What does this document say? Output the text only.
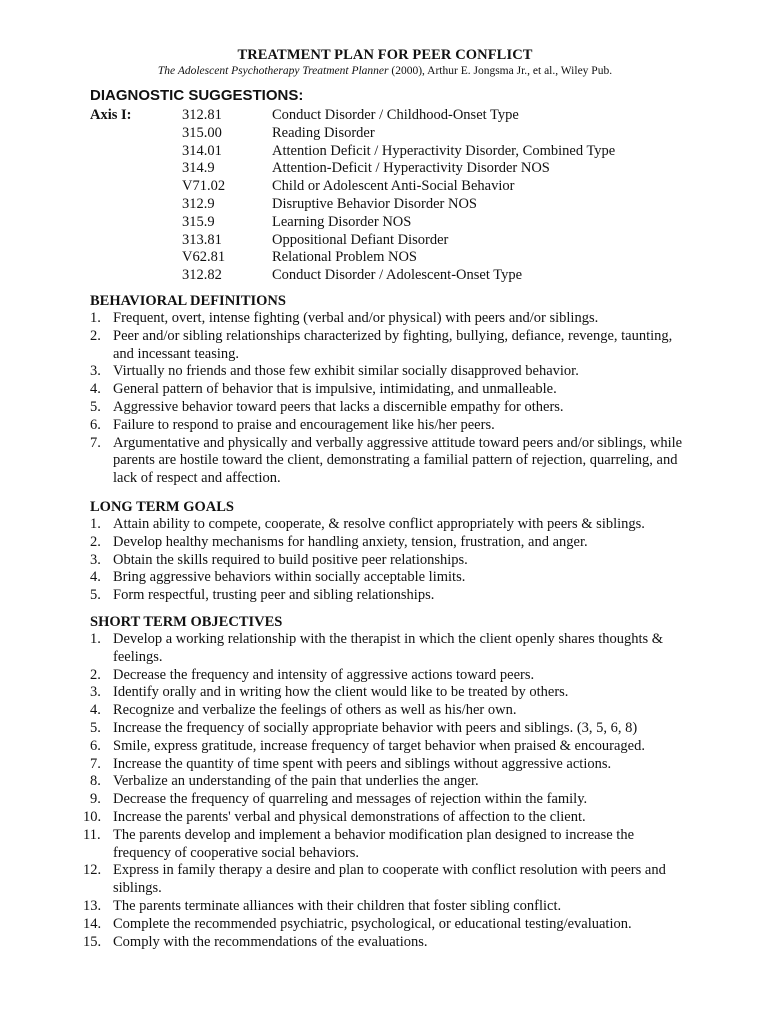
TREATMENT PLAN FOR PEER CONFLICT
The Adolescent Psychotherapy Treatment Planner (2000), Arthur E. Jongsma Jr., et al., Wiley Pub.
DIAGNOSTIC SUGGESTIONS:
Axis I:	312.81	Conduct Disorder / Childhood-Onset Type
315.00	Reading Disorder
314.01	Attention Deficit / Hyperactivity Disorder, Combined Type
314.9	Attention-Deficit / Hyperactivity Disorder NOS
V71.02	Child or Adolescent Anti-Social Behavior
312.9	Disruptive Behavior Disorder NOS
315.9	Learning Disorder NOS
313.81	Oppositional Defiant Disorder
V62.81	Relational Problem NOS
312.82	Conduct Disorder / Adolescent-Onset Type
BEHAVIORAL DEFINITIONS
1. Frequent, overt, intense fighting (verbal and/or physical) with peers and/or siblings.
2. Peer and/or sibling relationships characterized by fighting, bullying, defiance, revenge, taunting, and incessant teasing.
3. Virtually no friends and those few exhibit similar socially disapproved behavior.
4. General pattern of behavior that is impulsive, intimidating, and unmalleable.
5. Aggressive behavior toward peers that lacks a discernible empathy for others.
6. Failure to respond to praise and encouragement like his/her peers.
7. Argumentative and physically and verbally aggressive attitude toward peers and/or siblings, while parents are hostile toward the client, demonstrating a familial pattern of rejection, quarreling, and lack of respect and affection.
LONG TERM GOALS
1. Attain ability to compete, cooperate, & resolve conflict appropriately with peers & siblings.
2. Develop healthy mechanisms for handling anxiety, tension, frustration, and anger.
3. Obtain the skills required to build positive peer relationships.
4. Bring aggressive behaviors within socially acceptable limits.
5. Form respectful, trusting peer and sibling relationships.
SHORT TERM OBJECTIVES
1. Develop a working relationship with the therapist in which the client openly shares thoughts & feelings.
2. Decrease the frequency and intensity of aggressive actions toward peers.
3. Identify orally and in writing how the client would like to be treated by others.
4. Recognize and verbalize the feelings of others as well as his/her own.
5. Increase the frequency of socially appropriate behavior with peers and siblings. (3, 5, 6, 8)
6. Smile, express gratitude, increase frequency of target behavior when praised & encouraged.
7. Increase the quantity of time spent with peers and siblings without aggressive actions.
8. Verbalize an understanding of the pain that underlies the anger.
9. Decrease the frequency of quarreling and messages of rejection within the family.
10. Increase the parents' verbal and physical demonstrations of affection to the client.
11. The parents develop and implement a behavior modification plan designed to increase the frequency of cooperative social behaviors.
12. Express in family therapy a desire and plan to cooperate with conflict resolution with peers and siblings.
13. The parents terminate alliances with their children that foster sibling conflict.
14. Complete the recommended psychiatric, psychological, or educational testing/evaluation.
15. Comply with the recommendations of the evaluations.
